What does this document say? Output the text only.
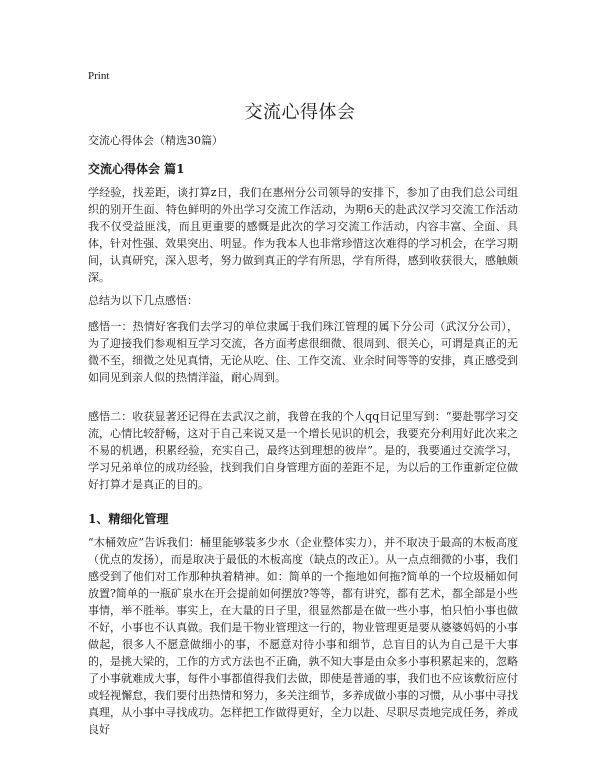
Print
交流心得体会
交流心得体会（精选30篇）
交流心得体会 篇1
学经验，找差距，谈打算z日，我们在惠州分公司领导的安排下，参加了由我们总公司组织的别开生面、特色鲜明的外出学习交流工作活动，为期6天的赴武汉学习交流工作活动我不仅受益匪浅，而且更重要的感慨是此次的学习交流工作活动，内容丰富、全面、具体，针对性强、效果突出、明显。作为我本人也非常珍惜这次难得的学习机会，在学习期间，认真研究，深入思考，努力做到真正的学有所思，学有所得，感到收获很大，感触颇深。
总结为以下几点感悟：
感悟一：热情好客我们去学习的单位隶属于我们珠江管理的属下分公司（武汉分公司），为了迎接我们参观相互学习交流，各方面考虑很细微、很周到、很关心，可谓是真正的无微不至，细微之处见真情，无论从吃、住、工作交流、业余时间等等的安排，真正感受到如同见到亲人似的热情洋溢，耐心周到。
感悟二：收获显著还记得在去武汉之前，我曾在我的个人qq日记里写到：“要赴鄂学习交流，心情比较舒畅，这对于自己来说又是一个增长见识的机会，我要充分利用好此次来之不易的机遇，积累经验，充实自己，最终达到理想的彼岸”。是的，我要通过交流学习，学习兄弟单位的成功经验，找到我们自身管理方面的差距不足，为以后的工作重新定位做好打算才是真正的目的。
1、精细化管理
“木桶效应”告诉我们：桶里能够装多少水（企业整体实力），并不取决于最高的木板高度（优点的发扬），而是取决于最低的木板高度（缺点的改正）。从一点点细微的小事，我们感受到了他们对工作那种执着精神。如：简单的一个拖地如何拖?简单的一个垃圾桶如何放置?简单的一瓶矿泉水在开会提前如何摆放?等等，都有讲究，都有艺术，都全部是小些事情，举不胜举。事实上，在大量的日子里，很显然都是在做一些小事，怕只怕小事也做不好，小事也不认真做。我们是干物业管理这一行的，物业管理更是要从婆婆妈妈的小事做起，很多人不愿意做细小的事，不愿意对待小事和细节，总盲目的认为自己是干大事的，是挑大梁的，工作的方式方法也不正确，孰不知大事是由众多小事积累起来的，忽略了小事就难成大事，每件小事都值得我们去做，即使是普通的事，我们也不应该敷衍应付或轻视懈怠，我们要付出热情和努力，多关注细节，多养成做小事的习惯，从小事中寻找真理，从小事中寻找成功。怎样把工作做得更好，全力以赴、尽职尽责地完成任务，养成良好
